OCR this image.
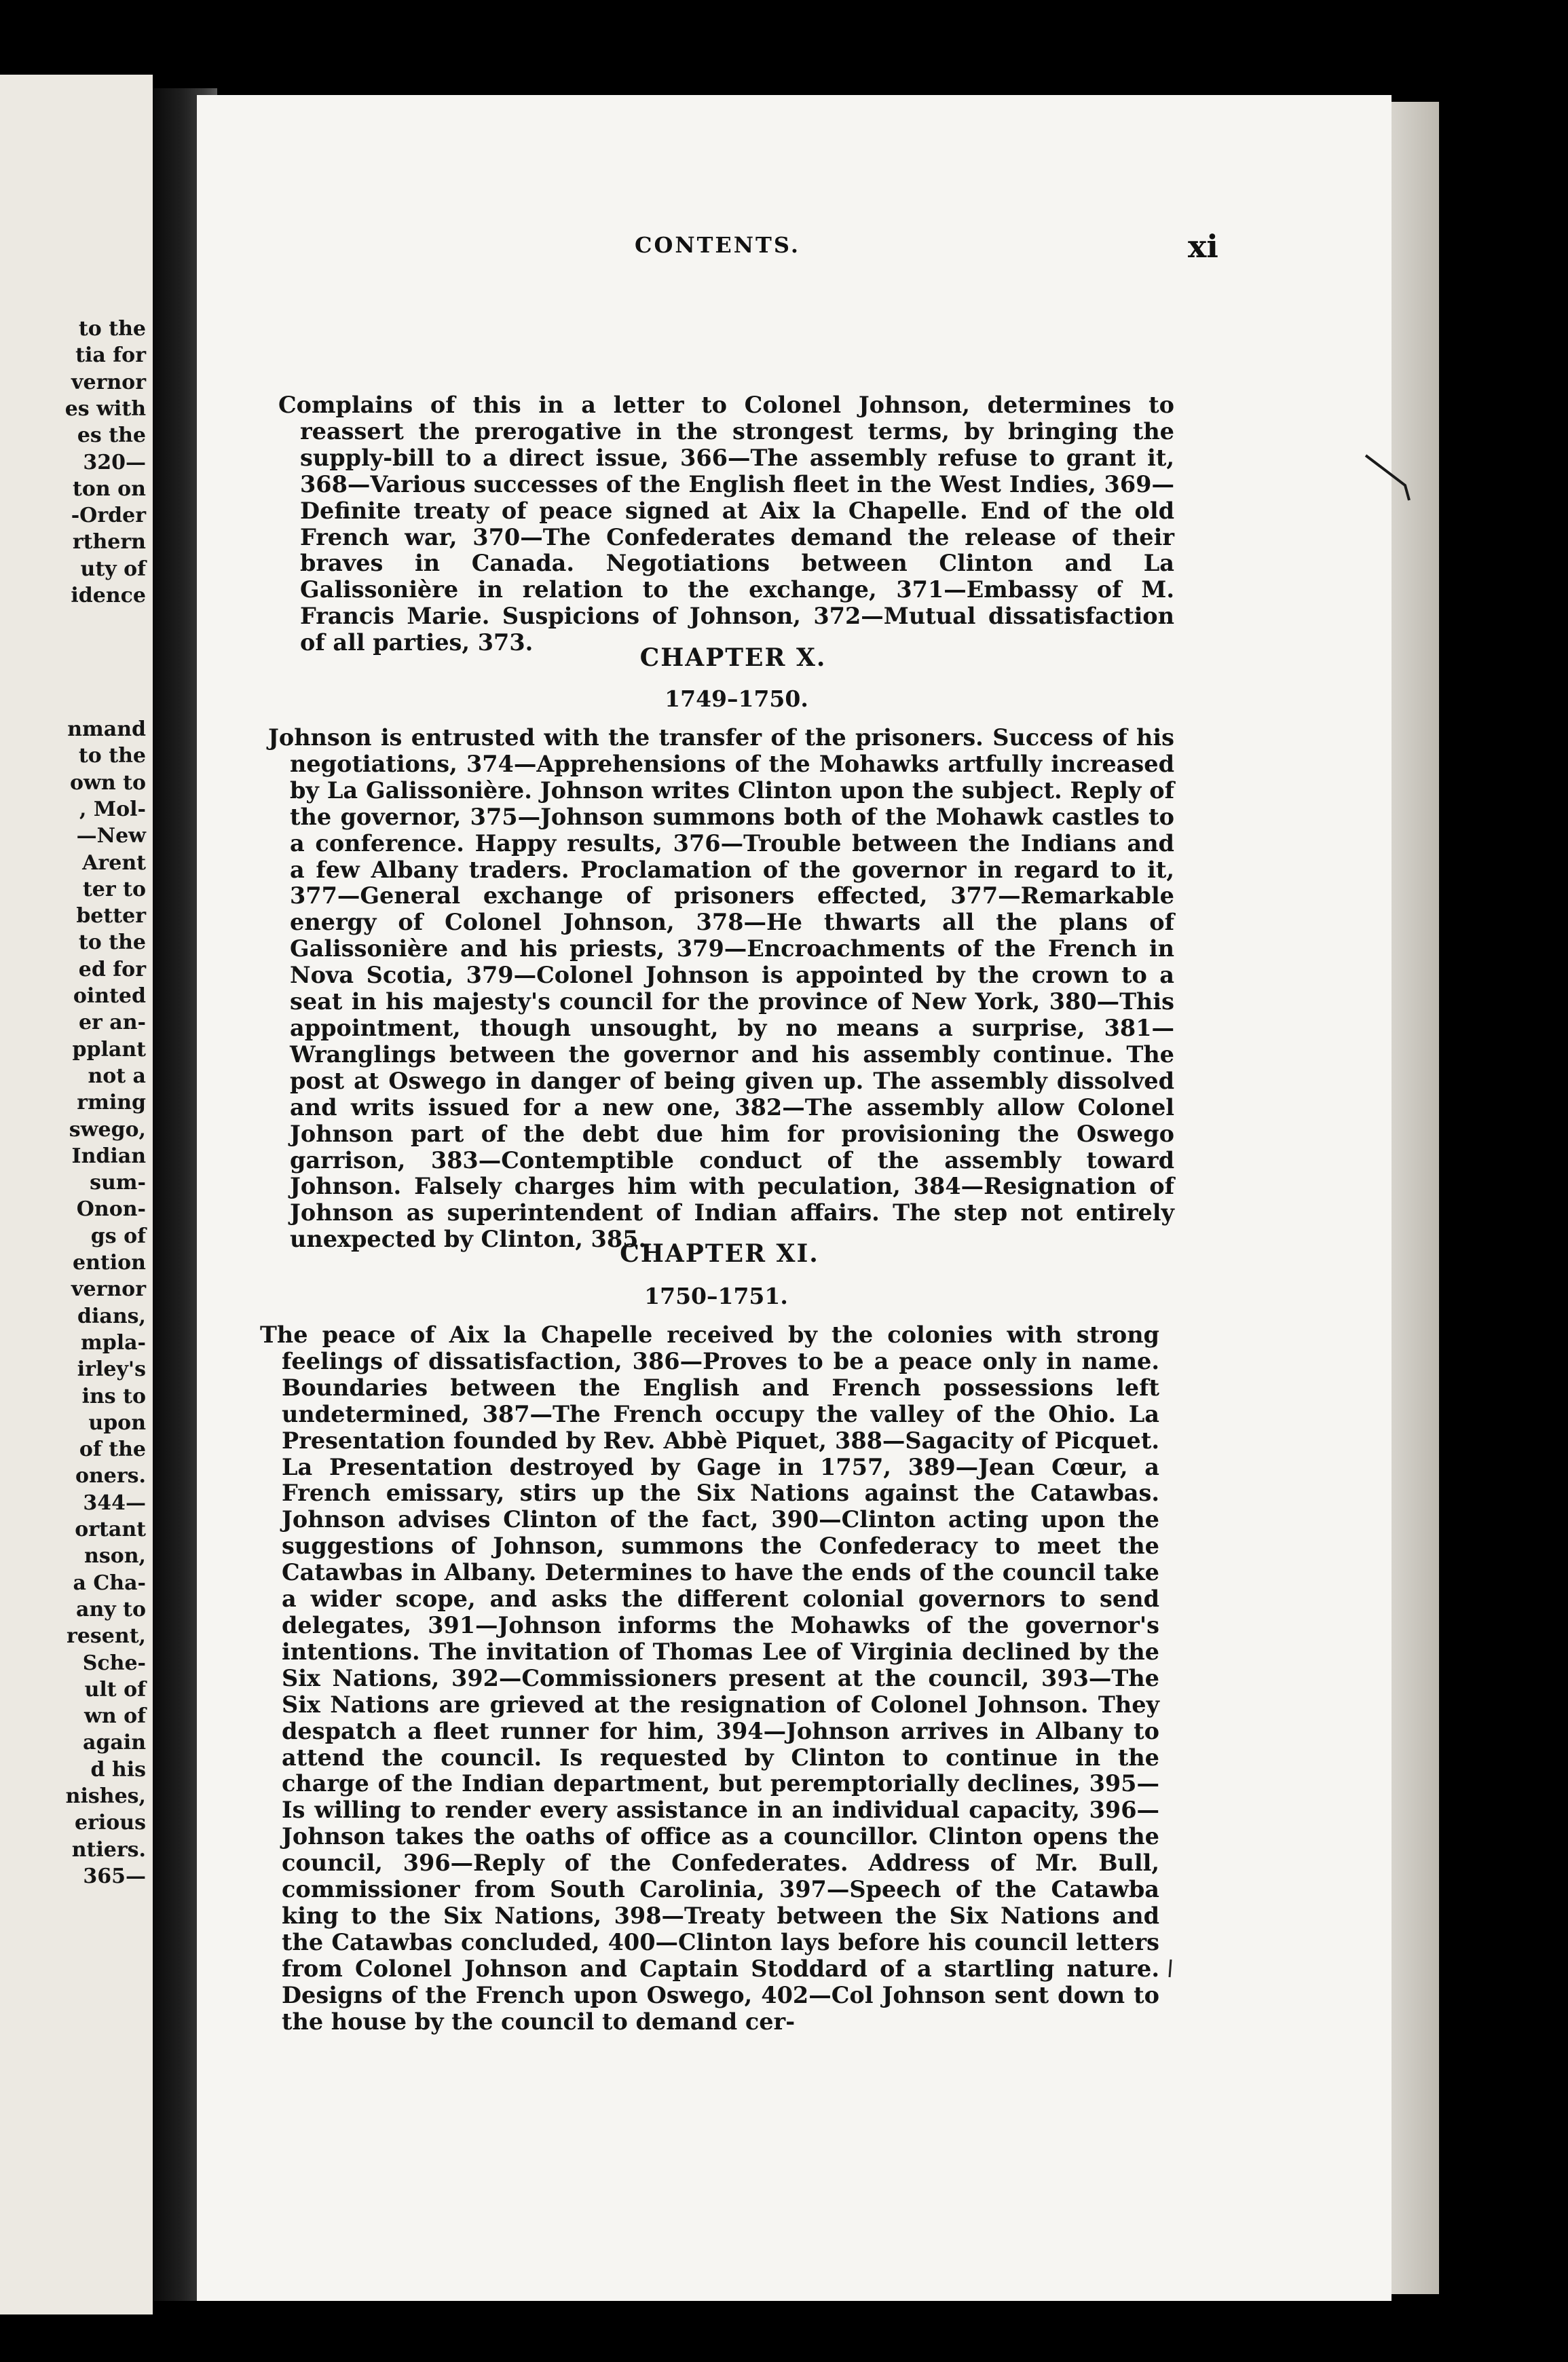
to the
tia for
vernor
es with
es the
320—
ton on
-Order
rthern
uty of
idence
nmand
to the
own to
, Mol-
—New
Arent
ter to
better
to the
ed for
ointed
er an-
pplant
not a
rming
swego,
Indian
sum-
Onon-
gs of
ention
vernor
dians,
mpla-
irley's
ins to
upon
of the
oners.
344—
ortant
nson,
a Cha-
any to
resent,
Sche-
ult of
wn of
again
d his
nishes,
erious
ntiers.
365—
CONTENTS.	xi

Complains of this in a letter to Colonel Johnson, determines to reassert the prerogative in the strongest terms, by bringing the supply-bill to a direct issue, 366—The assembly refuse to grant it, 368—Various successes of the English fleet in the West Indies, 369—Definite treaty of peace signed at Aix la Chapelle. End of the old French war, 370—The Confederates demand the release of their braves in Canada. Negotiations between Clinton and La Galissonière in relation to the exchange, 371—Embassy of M. Francis Marie. Suspicions of Johnson, 372—Mutual dissatisfaction of all parties, 373.

CHAPTER X.
1749–1750.

Johnson is entrusted with the transfer of the prisoners. Success of his negotiations, 374—Apprehensions of the Mohawks artfully increased by La Galissonière. Johnson writes Clinton upon the subject. Reply of the governor, 375—Johnson summons both of the Mohawk castles to a conference. Happy results, 376—Trouble between the Indians and a few Albany traders. Proclamation of the governor in regard to it, 377—General exchange of prisoners effected, 377—Remarkable energy of Colonel Johnson, 378—He thwarts all the plans of Galissonière and his priests, 379—Encroachments of the French in Nova Scotia, 379—Colonel Johnson is appointed by the crown to a seat in his majesty's council for the province of New York, 380—This appointment, though unsought, by no means a surprise, 381—Wranglings between the governor and his assembly continue. The post at Oswego in danger of being given up. The assembly dissolved and writs issued for a new one, 382—The assembly allow Colonel Johnson part of the debt due him for provisioning the Oswego garrison, 383—Contemptible conduct of the assembly toward Johnson. Falsely charges him with peculation, 384—Resignation of Johnson as superintendent of Indian affairs. The step not entirely unexpected by Clinton, 385.

CHAPTER XI.
1750–1751.

The peace of Aix la Chapelle received by the colonies with strong feelings of dissatisfaction, 386—Proves to be a peace only in name. Boundaries between the English and French possessions left undetermined, 387—The French occupy the valley of the Ohio. La Presentation founded by Rev. Abbè Piquet, 388—Sagacity of Picquet. La Presentation destroyed by Gage in 1757, 389—Jean Cœur, a French emissary, stirs up the Six Nations against the Catawbas. Johnson advises Clinton of the fact, 390—Clinton acting upon the suggestions of Johnson, summons the Confederacy to meet the Catawbas in Albany. Determines to have the ends of the council take a wider scope, and asks the different colonial governors to send delegates, 391—Johnson informs the Mohawks of the governor's intentions. The invitation of Thomas Lee of Virginia declined by the Six Nations, 392—Commissioners present at the council, 393—The Six Nations are grieved at the resignation of Colonel Johnson. They despatch a fleet runner for him, 394—Johnson arrives in Albany to attend the council. Is requested by Clinton to continue in the charge of the Indian department, but peremptorially declines, 395—Is willing to render every assistance in an individual capacity, 396—Johnson takes the oaths of office as a councillor. Clinton opens the council, 396—Reply of the Confederates. Address of Mr. Bull, commissioner from South Carolinia, 397—Speech of the Catawba king to the Six Nations, 398—Treaty between the Six Nations and the Catawbas concluded, 400—Clinton lays before his council letters from Colonel Johnson and Captain Stoddard of a startling nature. Designs of the French upon Oswego, 402—Col Johnson sent down to the house by the council to demand cer-
